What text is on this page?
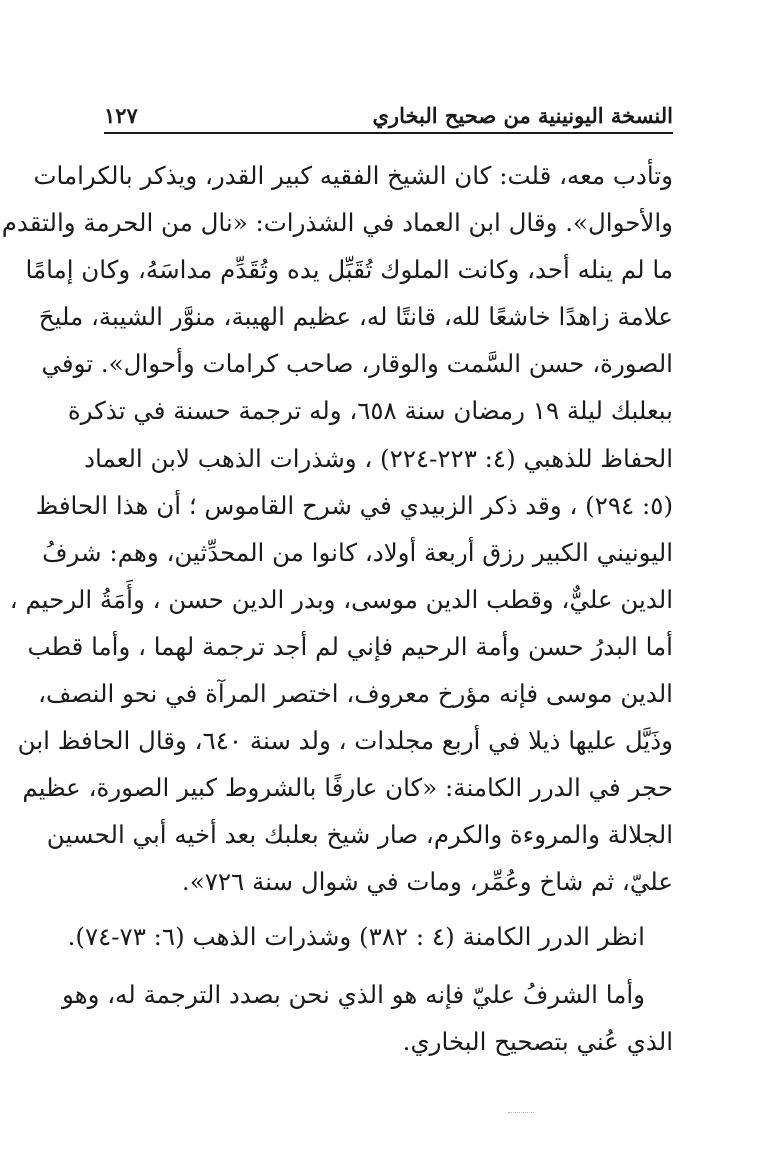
النسخة اليونينية من صحيح البخاري
١٢٧
وتأدب معه، قلت: كان الشيخ الفقيه كبير القدر، ويذكر بالكرامات
والأحوال». وقال ابن العماد في الشذرات: «نال من الحرمة والتقدم
ما لم ينله أحد، وكانت الملوك تُقَبِّل يده وتُقَدِّم مداسَهُ، وكان إمامًا
علامة زاهدًا خاشعًا لله، قانتًا له، عظيم الهيبة، منوَّر الشيبة، مليحَ
الصورة، حسن السَّمت والوقار، صاحب كرامات وأحوال». توفي
ببعلبك ليلة ١٩ رمضان سنة ٦٥٨، وله ترجمة حسنة في تذكرة
الحفاظ للذهبي (٤: ٢٢٣-٢٢٤) ، وشذرات الذهب لابن العماد
(٥: ٢٩٤) ، وقد ذكر الزبيدي في شرح القاموس ؛ أن هذا الحافظ
اليونيني الكبير رزق أربعة أولاد، كانوا من المحدِّثين، وهم: شرفُ
الدين عليٌّ، وقطب الدين موسى، وبدر الدين حسن ، وأَمَةُ الرحيم ،
أما البدرُ حسن وأمة الرحيم فإني لم أجد ترجمة لهما ، وأما قطب
الدين موسى فإنه مؤرخ معروف، اختصر المرآة في نحو النصف،
وذَيَّل عليها ذيلا في أربع مجلدات ، ولد سنة ٦٤٠، وقال الحافظ ابن
حجر في الدرر الكامنة: «كان عارفًا بالشروط كبير الصورة، عظيم
الجلالة والمروءة والكرم، صار شيخ بعلبك بعد أخيه أبي الحسين
عليّ، ثم شاخ وعُمِّر، ومات في شوال سنة ٧٢٦».
انظر الدرر الكامنة (٤ : ٣٨٢) وشذرات الذهب (٦: ٧٣-٧٤).
وأما الشرفُ عليّ فإنه هو الذي نحن بصدد الترجمة له، وهو
الذي عُني بتصحيح البخاري.
